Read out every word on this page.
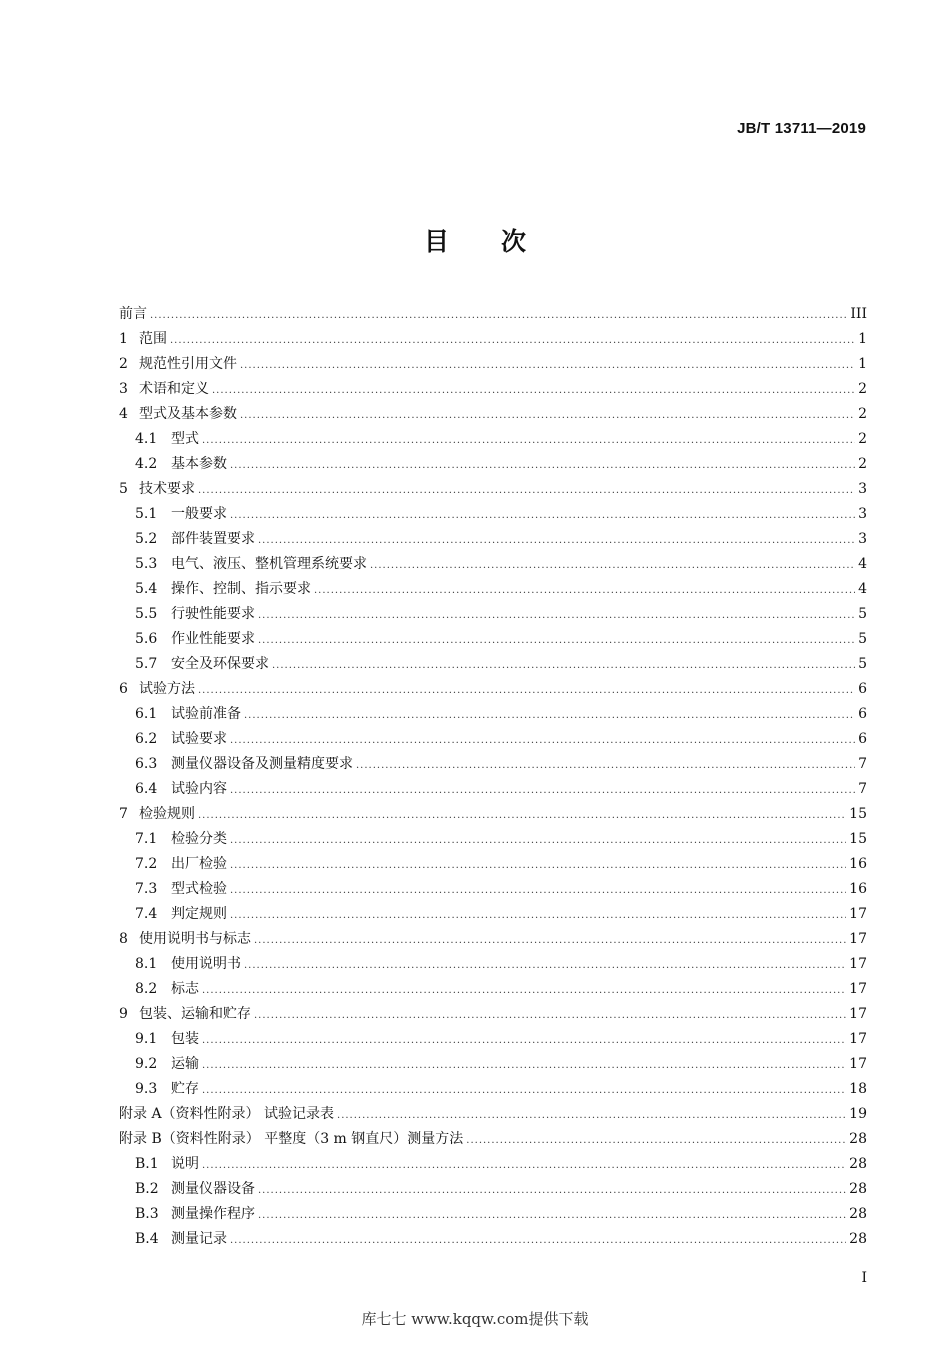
JB/T 13711—2019
目次
前言 .....	III
1 范围 .....	1
2 规范性引用文件 .....	1
3 术语和定义 .....	2
4 型式及基本参数 .....	2
4.1 型式 .....	2
4.2 基本参数 .....	2
5 技术要求 .....	3
5.1 一般要求 .....	3
5.2 部件装置要求 .....	3
5.3 电气、液压、整机管理系统要求 .....	4
5.4 操作、控制、指示要求 .....	4
5.5 行驶性能要求 .....	5
5.6 作业性能要求 .....	5
5.7 安全及环保要求 .....	5
6 试验方法 .....	6
6.1 试验前准备 .....	6
6.2 试验要求 .....	6
6.3 测量仪器设备及测量精度要求 .....	7
6.4 试验内容 .....	7
7 检验规则 .....	15
7.1 检验分类 .....	15
7.2 出厂检验 .....	16
7.3 型式检验 .....	16
7.4 判定规则 .....	17
8 使用说明书与标志 .....	17
8.1 使用说明书 .....	17
8.2 标志 .....	17
9 包装、运输和贮存 .....	17
9.1 包装 .....	17
9.2 运输 .....	17
9.3 贮存 .....	18
附录 A（资料性附录） 试验记录表 .....	19
附录 B（资料性附录） 平整度（3 m 钢直尺）测量方法 .....	28
B.1 说明 .....	28
B.2 测量仪器设备 .....	28
B.3 测量操作程序 .....	28
B.4 测量记录 .....	28
I
库七七 www.kqqw.com提供下载
